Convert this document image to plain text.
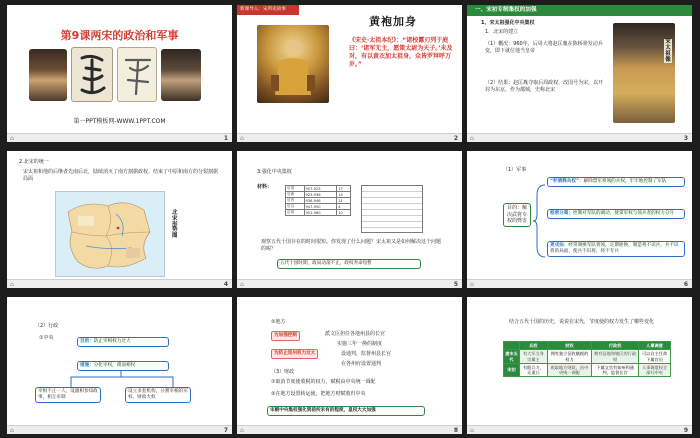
第9课两宋的政治和军事
第一PPT模板网-WWW.1PPT.COM
⌂	1
新课导入：宋所史故事
黄袍加身
《宋史·太祖本纪》：“诸校露刃列于庭曰：‘诸军无主，愿策太尉为天子。’未及对，有以黄衣加太祖身，众皆罗拜呼万岁。”
⌂	2
一、宋初专制集权的加强
1、宋太祖强化中央集权
1．北宋的建立
（1）概况：960年，后周大将赵匡胤在陈桥驿发动兵变，即下就位他当皇帝
（2）结果：赵匡胤夺取后周政权，改国号为宋，以开封为东京，作为都城，史称北宋
宋太祖像
⌂	3
2.北宋的统一
宋太祖和他的后继者先南后北，陆续消灭了南方割据政权，结束了中原和南方的分裂割据局面
北宋形势图
⌂	4
3.强化中央集权
材料：	后梁	907-923	17
后唐	923-936	14
后晋	936-946	11
后汉	947-950	4
后周	951-960	10
观察五代十国存在的时间很短。你发现了什么问题？宋太祖又是如何解决这个问题的呢？
五代十国时期，政局动荡不止，政权寿命短暂
⌂	5
（1）军事
目的：解决武将专权的弊害
“杯酒释兵权”：解除禁军将领的兵权，牢牢地控制了军队
枢密分离：控制对军队的调动，使掌军权与领兵者的权力分开
更戍法：经常调换军队将领，定期轮换，制造将不识兵，兵不识将的局面，使兵不识将，将不专兵
⌂	6
（2）行政
①中央
目的：防止宰相权力过大
措施：分化宰权，削弱相权
宰相不止一人，设副相参知政事，相互牵制
设立多套机构，分割宰相的军权、财政大权
⌂	7
②地方
为加强控制
为防止知州权力过大
派文臣担任各地州县的长官
实施三年一换的制度
设通判，监督州县长官
在各州府设置通判
（3）财政
①取消节度使收税的权力，赋税由中央统一调配
②在地方设置转运使，把地方财赋收归中央
宋朝中央集权强化到前所未有的程度，皇权大大加强
⌂	8
结合五代十国的历史，说说在宋代，节度使的权力发生了哪些变化
	兵权	财权	行政权	人事调度
唐末五代	有大军当身宗属主	拥有独立征收赋税的权力	拥有征地和辖区的行政权	可以自主任命下属官员
宋初	有限兵力，无重兵	收取地方财政，由中央统一调配	下属文官有知州和通判，监督长官	人事调度权全部归中央
⌂	9
